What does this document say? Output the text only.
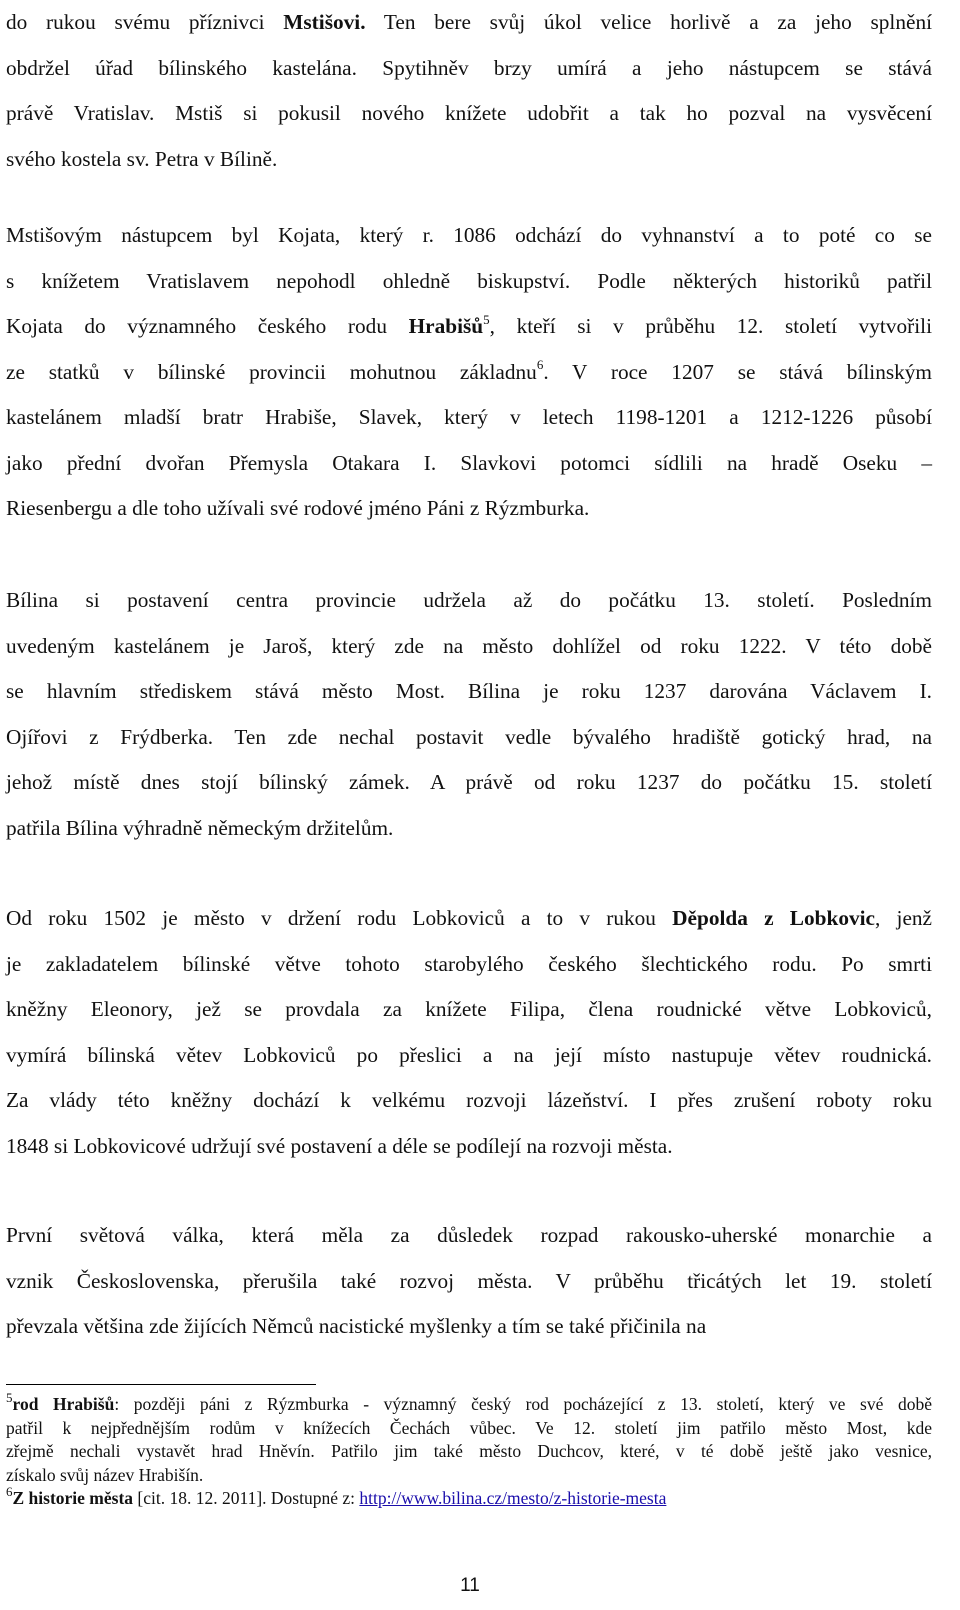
do rukou svému příznivci Mstišovi. Ten bere svůj úkol velice horlivě a za jeho splnění
obdržel úřad bílinského kastelána. Spytihněv brzy umírá a jeho nástupcem se stává
právě Vratislav. Mstiš si pokusil nového knížete udobřit a tak ho pozval na vysvěcení
svého kostela sv. Petra v Bílině.
Mstišovým nástupcem byl Kojata, který r. 1086 odchází do vyhnanství a to poté co se
s knížetem Vratislavem nepohodl ohledně biskupství. Podle některých historiků patřil
Kojata do významného českého rodu Hrabišů$^5$, kteří si v průběhu 12. století vytvořili
ze statků v bílinské provincii mohutnou základnu$^6$. V roce 1207 se stává bílinským
kastelánem mladší bratr Hrabiše, Slavek, který v letech 1198-1201 a 1212-1226 působí
jako přední dvořan Přemysla Otakara I. Slavkovi potomci sídlili na hradě Oseku –
Riesenbergu a dle toho užívali své rodové jméno Páni z Rýzmburka.
Bílina si postavení centra provincie udržela až do počátku 13. století. Posledním
uvedeným kastelánem je Jaroš, který zde na město dohlížel od roku 1222. V této době
se hlavním střediskem stává město Most. Bílina je roku 1237 darována Václavem I.
Ojířovi z Frýdberka. Ten zde nechal postavit vedle bývalého hradiště gotický hrad, na
jehož místě dnes stojí bílinský zámek. A právě od roku 1237 do počátku 15. století
patřila Bílina výhradně německým držitelům.
Od roku 1502 je město v držení rodu Lobkoviců a to v rukou Děpolda z Lobkovic, jenž
je zakladatelem bílinské větve tohoto starobylého českého šlechtického rodu. Po smrti
kněžny Eleonory, jež se provdala za knížete Filipa, člena roudnické větve Lobkoviců,
vymírá bílinská větev Lobkoviců po přeslici a na její místo nastupuje větev roudnická.
Za vlády této kněžny dochází k velkému rozvoji lázeňství. I přes zrušení roboty roku
1848 si Lobkovicové udržují své postavení a déle se podílejí na rozvoji města.
První světová válka, která měla za důsledek rozpad rakousko-uherské monarchie a
vznik Československa, přerušila také rozvoj města. V průběhu třicátých let 19. století
převzala většina zde žijících Němců nacistické myšlenky a tím se také přičinila na
$^5$rod Hrabišů: později páni z Rýzmburka - významný český rod pocházející z 13. století, který ve své době
patřil k nejpřednějším rodům v knížecích Čechách vůbec. Ve 12. století jim patřilo město Most, kde
zřejmě nechali vystavět hrad Hněvín. Patřilo jim také město Duchcov, které, v té době ještě jako vesnice,
získalo svůj název Hrabišín.
$^6$Z historie města [cit. 18. 12. 2011]. Dostupné z: http://www.bilina.cz/mesto/z-historie-mesta
11
